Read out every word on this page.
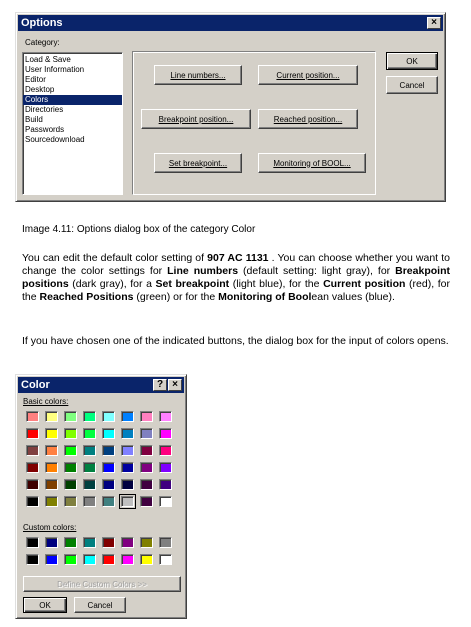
Options	×
Category:
Load & Save
User Information
Editor
Desktop
Colors
Directories
Build
Passwords
Sourcedownload
Line numbers...	Current position...
Breakpoint position...	Reached position...
Set breakpoint...	Monitoring of BOOL...
OK
Cancel
Image 4.11: Options dialog box of the category Color
You can edit the default color setting of 907 AC 1131 . You can choose whether you want to change the color settings for Line numbers (default setting: light gray), for Breakpoint positions (dark gray), for a Set breakpoint (light blue), for the Current position (red), for the Reached Positions (green) or for the Monitoring of Boolean values (blue).
If you have chosen one of the indicated buttons, the dialog box for the input of colors opens.
Color	? ×
Basic colors:
Custom colors:
Define Custom Colors >>
OK	Cancel
